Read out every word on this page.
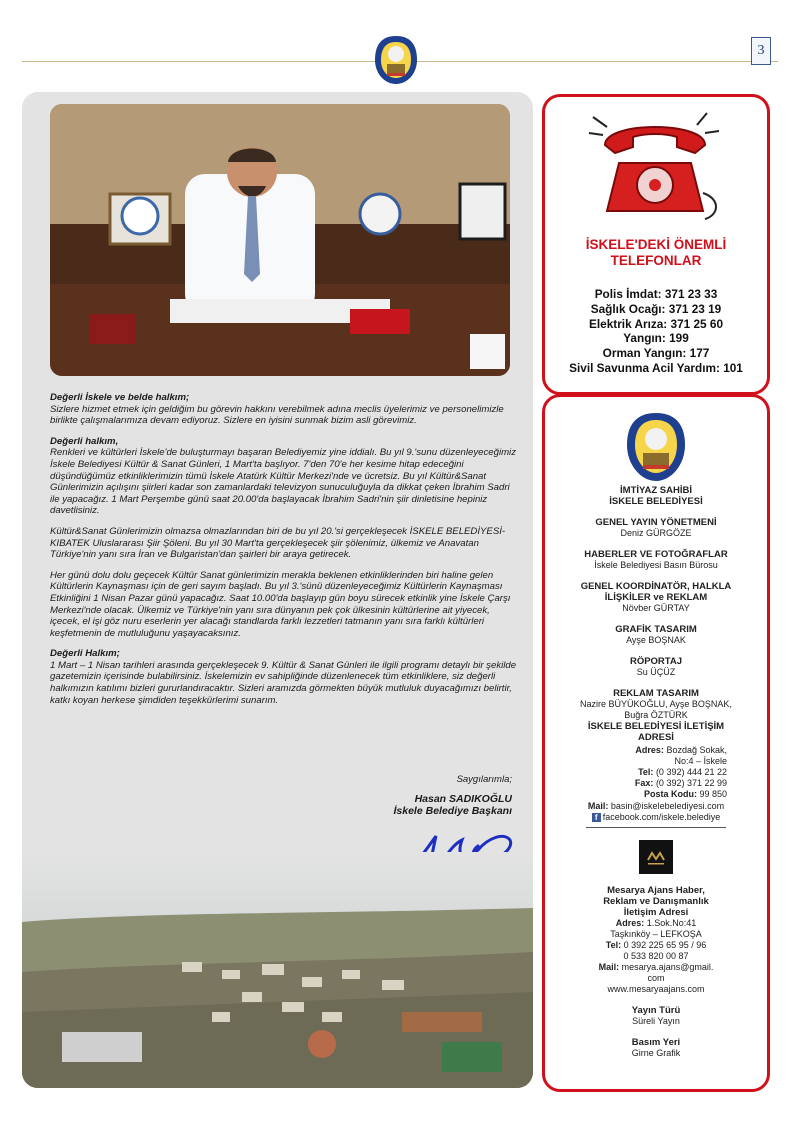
3

Değerli İskele ve belde halkım;
Sizlere hizmet etmek için geldiğim bu görevin hakkını verebilmek adına meclis üyelerimiz ve personelimizle birlikte çalışmalarımıza devam ediyoruz. Sizlere en iyisini sunmak bizim asli görevimiz.

Değerli halkım,
Renkleri ve kültürleri İskele'de buluşturmayı başaran Belediyemiz yine iddialı. Bu yıl 9.'sunu düzenleyeceğimiz İskele Belediyesi Kültür & Sanat Günleri, 1 Mart'ta başlıyor. 7'den 70'e her kesime hitap edeceğini düşündüğümüz etkinliklerimizin tümü İskele Atatürk Kültür Merkezi'nde ve ücretsiz. Bu yıl Kültür&Sanat Günlerimizin açılışını şiirleri kadar son zamanlardaki televizyon sunuculuğuyla da dikkat çeken İbrahim Sadri ile yapacağız. 1 Mart Perşembe günü saat 20.00'da başlayacak İbrahim Sadri'nin şiir dinletisine hepiniz davetlisiniz.

Kültür&Sanat Günlerimizin olmazsa olmazlarından biri de bu yıl 20.'si gerçekleşecek İSKELE BELEDİYESİ-KIBATEK Uluslararası Şiir Şöleni. Bu yıl 30 Mart'ta gerçekleşecek şiir şölenimiz, ülkemiz ve Anavatan Türkiye'nin yanı sıra İran ve Bulgaristan'dan şairleri bir araya getirecek.

Her günü dolu dolu geçecek Kültür Sanat günlerimizin merakla beklenen etkinliklerinden biri haline gelen Kültürlerin Kaynaşması için de geri sayım başladı. Bu yıl 3.'sünü düzenleyeceğimiz Kültürlerin Kaynaşması Etkinliğini 1 Nisan Pazar günü yapacağız. Saat 10.00'da başlayıp gün boyu sürecek etkinlik yine İskele Çarşı Merkezi'nde olacak. Ülkemiz ve Türkiye'nin yanı sıra dünyanın pek çok ülkesinin kültürlerine ait yiyecek, içecek, el işi göz nuru eserlerin yer alacağı standlarda farklı lezzetleri tatmanın yanı sıra farklı kültürleri keşfetmenin de mutluluğunu yaşayacaksınız.

Değerli Halkım;
1 Mart – 1 Nisan tarihleri arasında gerçekleşecek 9. Kültür & Sanat Günleri ile ilgili programı detaylı bir şekilde gazetemizin içerisinde bulabilirsiniz. İskelemizin ev sahipliğinde düzenlenecek tüm etkinliklere, siz değerli halkımızın katılımı bizleri gururlandıracaktır. Sizleri aramızda görmekten büyük mutluluk duyacağımızı belirtir, katkı koyan herkese şimdiden teşekkürlerimi sunarım.

Saygılarımla;
Hasan SADIKOĞLU
İskele Belediye Başkanı
İSKELE'DEKİ ÖNEMLİ
TELEFONLAR
Polis İmdat: 371 23 33
Sağlık Ocağı: 371 23 19
Elektrik Arıza: 371 25 60
Yangın: 199
Orman Yangın: 177
Sivil Savunma Acil Yardım: 101
İMTİYAZ SAHİBİ
İSKELE BELEDİYESİ
GENEL YAYIN YÖNETMENİ
Deniz GÜRGÖZE
HABERLER VE FOTOĞRAFLAR
İskele Belediyesi Basın Bürosu
GENEL KOORDİNATÖR, HALKLA
İLİŞKİLER ve REKLAM
Növber GÜRTAY
GRAFİK TASARIM
Ayşe BOŞNAK
RÖPORTAJ
Su ÜÇÜZ
REKLAM TASARIM
Nazire BÜYÜKOĞLU, Ayşe BOŞNAK,
Buğra ÖZTÜRK
İSKELE BELEDİYESİ İLETİŞİM
ADRESİ
Adres: Bozdağ Sokak,
No:4 – İskele
Tel: (0 392) 444 21 22
Fax: (0 392) 371 22 99
Posta Kodu: 99 850
Mail: basin@iskelebelediyesi.com
f facebook.com/iskele.belediye
Mesarya Ajans Haber,
Reklam ve Danışmanlık
İletişim Adresi
Adres: 1.Sok.No:41
Taşkınköy – LEFKOŞA
Tel: 0 392 225 65 95 / 96
0 533 820 00 87
Mail: mesarya.ajans@gmail.
com
www.mesaryaajans.com
Yayın Türü
Süreli Yayın
Basım Yeri
Girne Grafik
